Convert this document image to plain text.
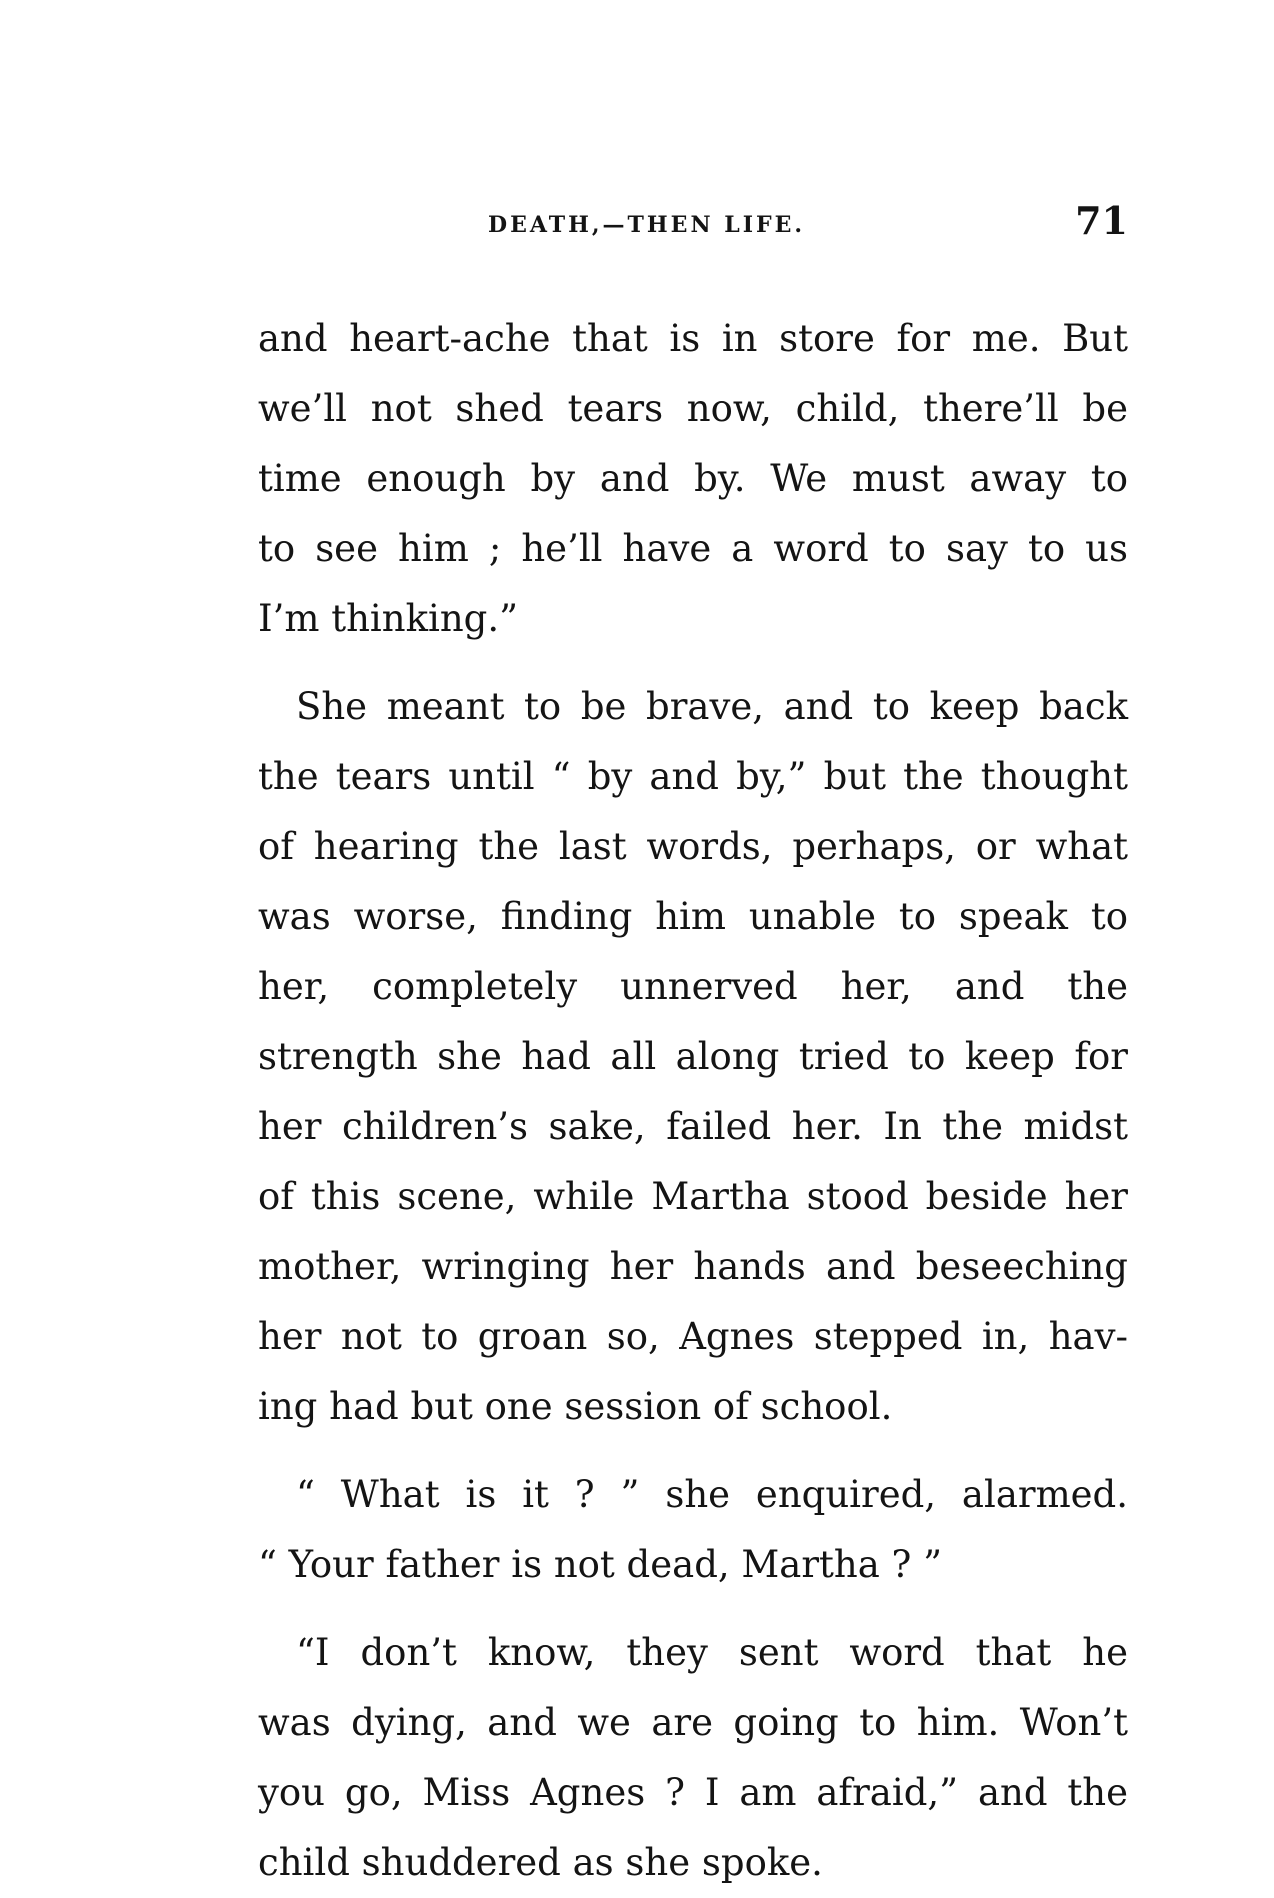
DEATH,—THEN LIFE.	71
and heart-ache that is in store for me. But
we’ll not shed tears now, child, there’ll be
time enough by and by. We must away to
to see him ; he’ll have a word to say to us
I’m thinking.”
She meant to be brave, and to keep back
the tears until “ by and by,” but the thought
of hearing the last words, perhaps, or what
was worse, finding him unable to speak to
her, completely unnerved her, and the
strength she had all along tried to keep for
her children’s sake, failed her. In the midst
of this scene, while Martha stood beside her
mother, wringing her hands and beseeching
her not to groan so, Agnes stepped in, hav-
ing had but one session of school.
“ What is it ? ” she enquired, alarmed.
“ Your father is not dead, Martha ? ”
“I don’t know, they sent word that he
was dying, and we are going to him. Won’t
you go, Miss Agnes ? I am afraid,” and the
child shuddered as she spoke.
